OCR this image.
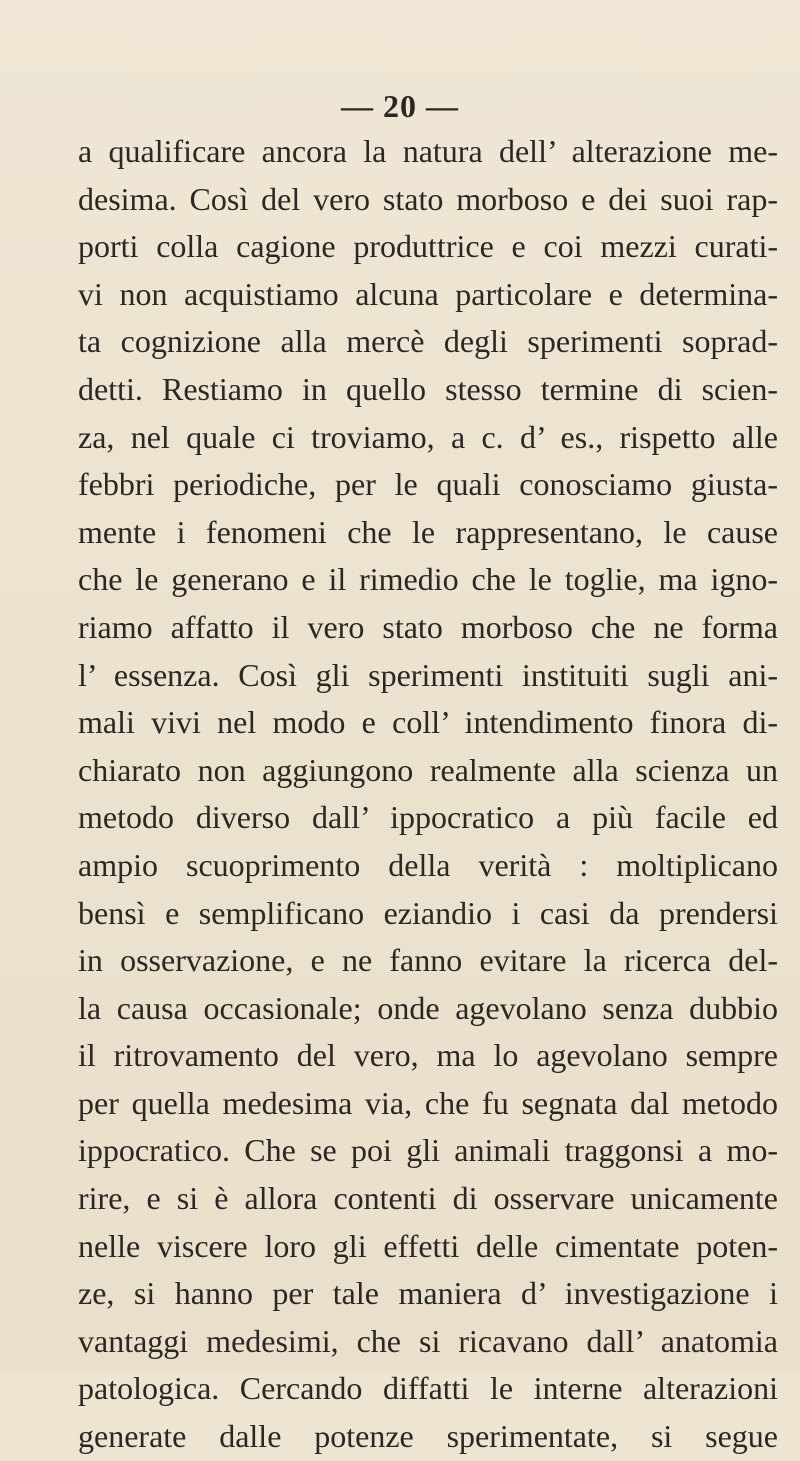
— 20 —
a qualificare ancora la natura dell’ alterazione me-
desima. Così del vero stato morboso e dei suoi rap-
porti colla cagione produttrice e coi mezzi curati-
vi non acquistiamo alcuna particolare e determina-
ta cognizione alla mercè degli sperimenti soprad-
detti. Restiamo in quello stesso termine di scien-
za, nel quale ci troviamo, a c. d’ es., rispetto alle
febbri periodiche, per le quali conosciamo giusta-
mente i fenomeni che le rappresentano, le cause
che le generano e il rimedio che le toglie, ma igno-
riamo affatto il vero stato morboso che ne forma
l’ essenza. Così gli sperimenti instituiti sugli ani-
mali vivi nel modo e coll’ intendimento finora di-
chiarato non aggiungono realmente alla scienza un
metodo diverso dall’ ippocratico a più facile ed
ampio scuoprimento della verità : moltiplicano
bensì e semplificano eziandio i casi da prendersi
in osservazione, e ne fanno evitare la ricerca del-
la causa occasionale; onde agevolano senza dubbio
il ritrovamento del vero, ma lo agevolano sempre
per quella medesima via, che fu segnata dal metodo
ippocratico. Che se poi gli animali traggonsi a mo-
rire, e si è allora contenti di osservare unicamente
nelle viscere loro gli effetti delle cimentate poten-
ze, si hanno per tale maniera d’ investigazione i
vantaggi medesimi, che si ricavano dall’ anatomia
patologica. Cercando diffatti le interne alterazioni
generate dalle potenze sperimentate, si segue
